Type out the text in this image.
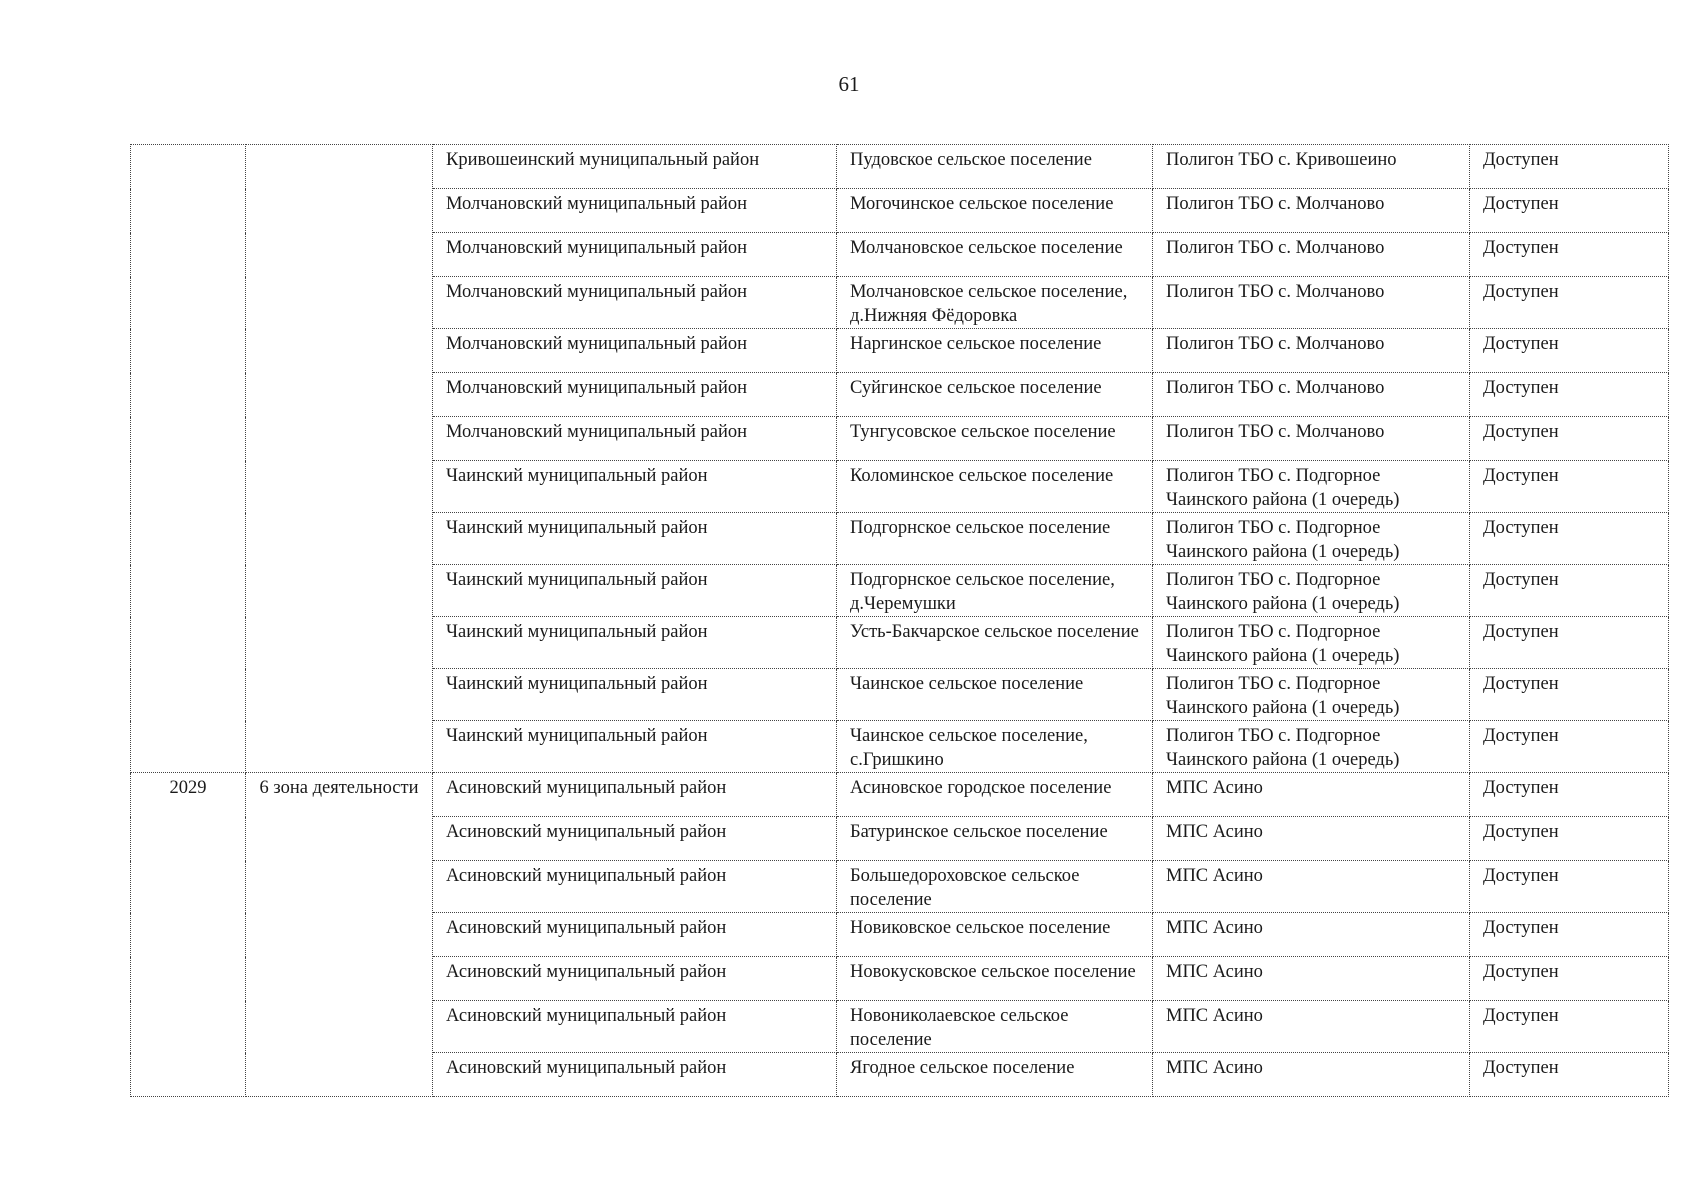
61
		Кривошеинский муниципальный район	Пудовское сельское поселение	Полигон ТБО с. Кривошеино	Доступен
		Молчановский муниципальный район	Могочинское сельское поселение	Полигон ТБО с. Молчаново	Доступен
		Молчановский муниципальный район	Молчановское сельское поселение	Полигон ТБО с. Молчаново	Доступен
		Молчановский муниципальный район	Молчановское сельское поселение, д.Нижняя Фёдоровка	Полигон ТБО с. Молчаново	Доступен
		Молчановский муниципальный район	Наргинское сельское поселение	Полигон ТБО с. Молчаново	Доступен
		Молчановский муниципальный район	Суйгинское сельское поселение	Полигон ТБО с. Молчаново	Доступен
		Молчановский муниципальный район	Тунгусовское сельское поселение	Полигон ТБО с. Молчаново	Доступен
		Чаинский муниципальный район	Коломинское сельское поселение	Полигон ТБО с. Подгорное Чаинского района (1 очередь)	Доступен
		Чаинский муниципальный район	Подгорнское сельское поселение	Полигон ТБО с. Подгорное Чаинского района (1 очередь)	Доступен
		Чаинский муниципальный район	Подгорнское сельское поселение, д.Черемушки	Полигон ТБО с. Подгорное Чаинского района (1 очередь)	Доступен
		Чаинский муниципальный район	Усть-Бакчарское сельское поселение	Полигон ТБО с. Подгорное Чаинского района (1 очередь)	Доступен
		Чаинский муниципальный район	Чаинское сельское поселение	Полигон ТБО с. Подгорное Чаинского района (1 очередь)	Доступен
		Чаинский муниципальный район	Чаинское сельское поселение, с.Гришкино	Полигон ТБО с. Подгорное Чаинского района (1 очередь)	Доступен
2029	6 зона деятельности	Асиновский муниципальный район	Асиновское городское поселение	МПС Асино	Доступен
		Асиновский муниципальный район	Батуринское сельское поселение	МПС Асино	Доступен
		Асиновский муниципальный район	Большедороховское сельское поселение	МПС Асино	Доступен
		Асиновский муниципальный район	Новиковское сельское поселение	МПС Асино	Доступен
		Асиновский муниципальный район	Новокусковское сельское поселение	МПС Асино	Доступен
		Асиновский муниципальный район	Новониколаевское сельское поселение	МПС Асино	Доступен
		Асиновский муниципальный район	Ягодное сельское поселение	МПС Асино	Доступен
